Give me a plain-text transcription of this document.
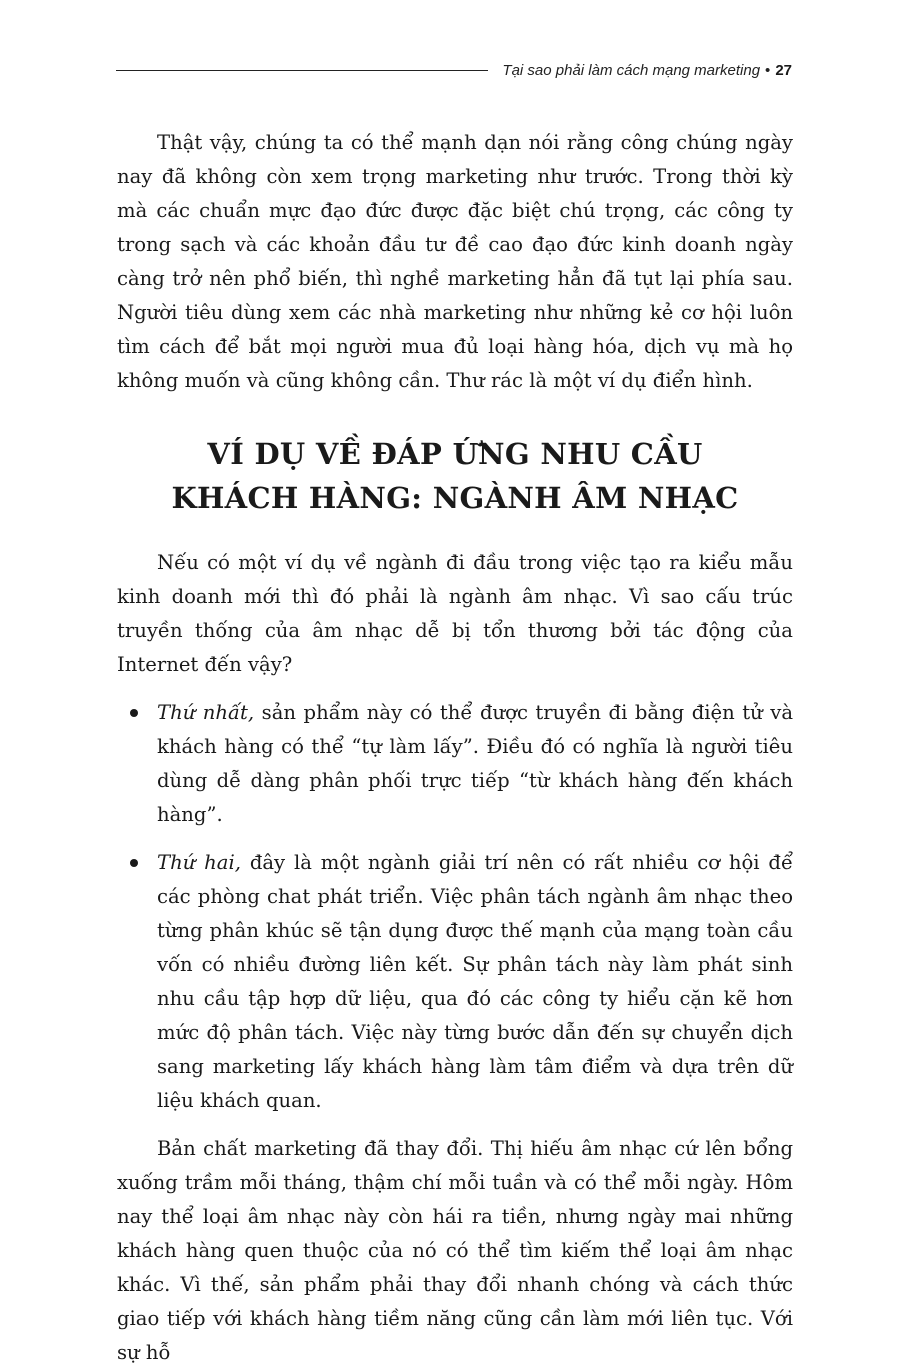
Tại sao phải làm cách mạng marketing • 27

Thật vậy, chúng ta có thể mạnh dạn nói rằng công chúng ngày nay đã không còn xem trọng marketing như trước. Trong thời kỳ mà các chuẩn mực đạo đức được đặc biệt chú trọng, các công ty trong sạch và các khoản đầu tư đề cao đạo đức kinh doanh ngày càng trở nên phổ biến, thì nghề marketing hẳn đã tụt lại phía sau. Người tiêu dùng xem các nhà marketing như những kẻ cơ hội luôn tìm cách để bắt mọi người mua đủ loại hàng hóa, dịch vụ mà họ không muốn và cũng không cần. Thư rác là một ví dụ điển hình.

VÍ DỤ VỀ ĐÁP ỨNG NHU CẦU
KHÁCH HÀNG: NGÀNH ÂM NHẠC

Nếu có một ví dụ về ngành đi đầu trong việc tạo ra kiểu mẫu kinh doanh mới thì đó phải là ngành âm nhạc. Vì sao cấu trúc truyền thống của âm nhạc dễ bị tổn thương bởi tác động của Internet đến vậy?

Thứ nhất, sản phẩm này có thể được truyền đi bằng điện tử và khách hàng có thể “tự làm lấy”. Điều đó có nghĩa là người tiêu dùng dễ dàng phân phối trực tiếp “từ khách hàng đến khách hàng”.
Thứ hai, đây là một ngành giải trí nên có rất nhiều cơ hội để các phòng chat phát triển. Việc phân tách ngành âm nhạc theo từng phân khúc sẽ tận dụng được thế mạnh của mạng toàn cầu vốn có nhiều đường liên kết. Sự phân tách này làm phát sinh nhu cầu tập hợp dữ liệu, qua đó các công ty hiểu cặn kẽ hơn mức độ phân tách. Việc này từng bước dẫn đến sự chuyển dịch sang marketing lấy khách hàng làm tâm điểm và dựa trên dữ liệu khách quan.

Bản chất marketing đã thay đổi. Thị hiếu âm nhạc cứ lên bổng xuống trầm mỗi tháng, thậm chí mỗi tuần và có thể mỗi ngày. Hôm nay thể loại âm nhạc này còn hái ra tiền, nhưng ngày mai những khách hàng quen thuộc của nó có thể tìm kiếm thể loại âm nhạc khác. Vì thế, sản phẩm phải thay đổi nhanh chóng và cách thức giao tiếp với khách hàng tiềm năng cũng cần làm mới liên tục. Với sự hỗ
